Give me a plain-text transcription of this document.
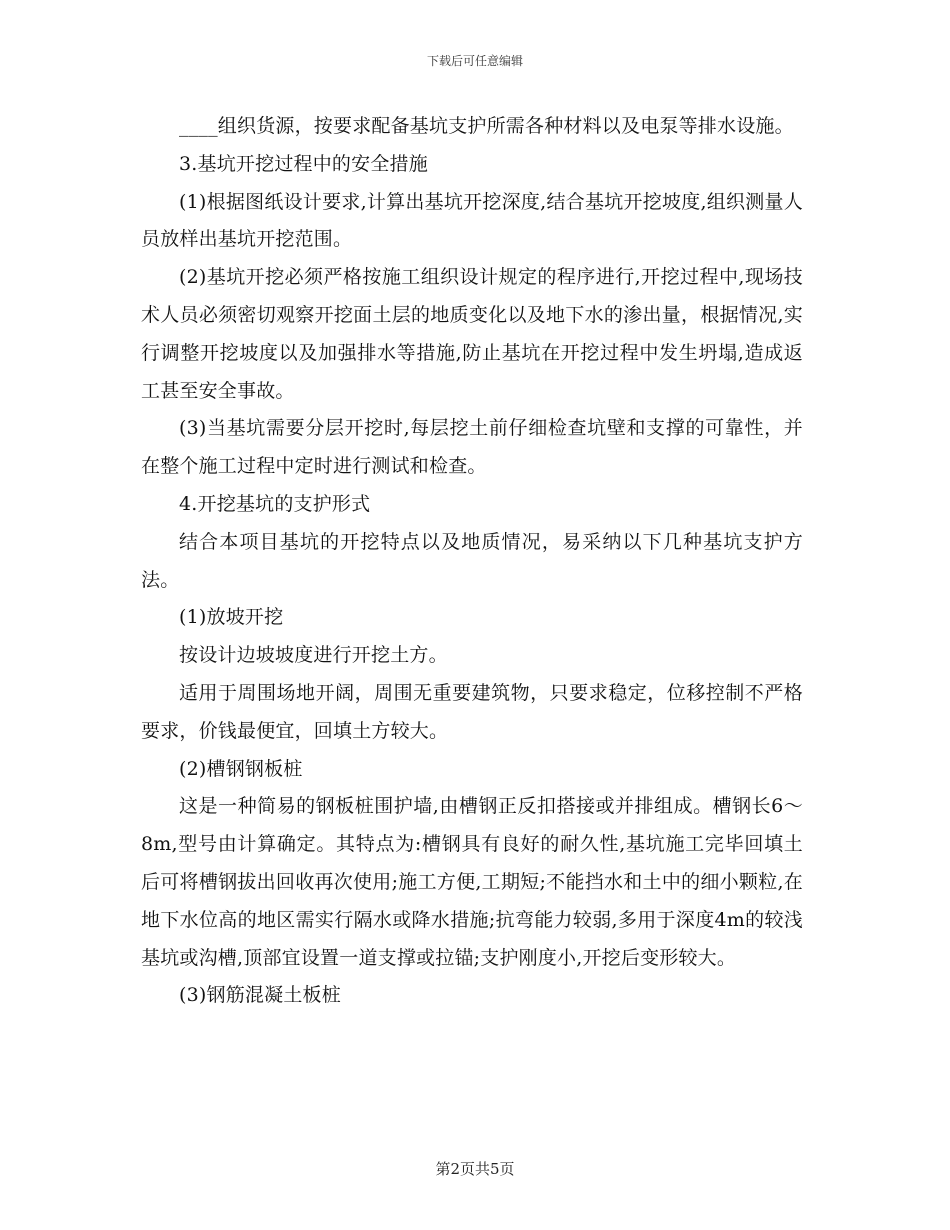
下载后可任意编辑

____组织货源，按要求配备基坑支护所需各种材料以及电泵等排水设施。

3.基坑开挖过程中的安全措施

(1)根据图纸设计要求,计算出基坑开挖深度,结合基坑开挖坡度,组织测量人员放样出基坑开挖范围。

(2)基坑开挖必须严格按施工组织设计规定的程序进行,开挖过程中,现场技术人员必须密切观察开挖面土层的地质变化以及地下水的渗出量，根据情况,实行调整开挖坡度以及加强排水等措施,防止基坑在开挖过程中发生坍塌,造成返工甚至安全事故。

(3)当基坑需要分层开挖时,每层挖土前仔细检查坑壁和支撑的可靠性，并在整个施工过程中定时进行测试和检查。

4.开挖基坑的支护形式

结合本项目基坑的开挖特点以及地质情况，易采纳以下几种基坑支护方法。

(1)放坡开挖

按设计边坡坡度进行开挖土方。

适用于周围场地开阔，周围无重要建筑物，只要求稳定，位移控制不严格要求，价钱最便宜，回填土方较大。

(2)槽钢钢板桩

这是一种简易的钢板桩围护墙,由槽钢正反扣搭接或并排组成。槽钢长6～8m,型号由计算确定。其特点为:槽钢具有良好的耐久性,基坑施工完毕回填土后可将槽钢拔出回收再次使用;施工方便,工期短;不能挡水和土中的细小颗粒,在地下水位高的地区需实行隔水或降水措施;抗弯能力较弱,多用于深度4m的较浅基坑或沟槽,顶部宜设置一道支撑或拉锚;支护刚度小,开挖后变形较大。

(3)钢筋混凝土板桩

第2页共5页
